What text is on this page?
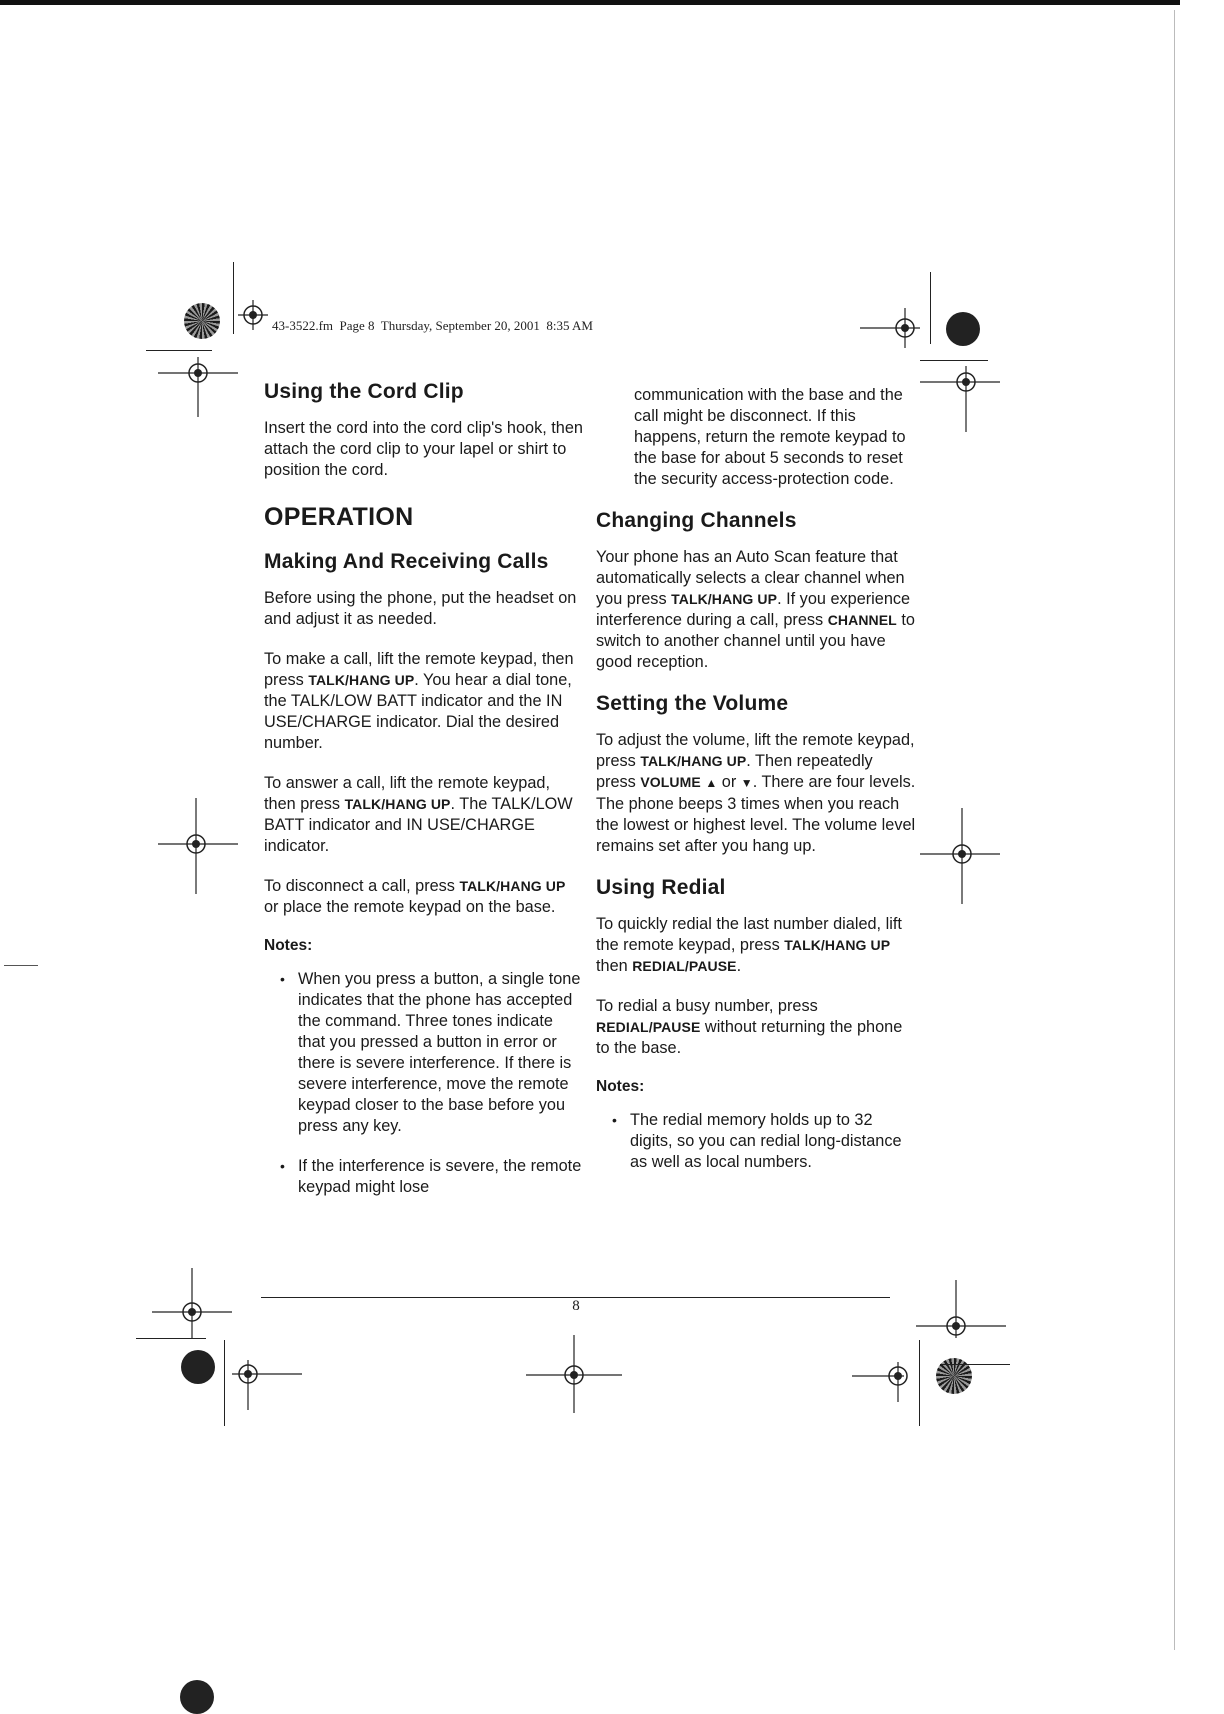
43-3522.fm  Page 8  Thursday, September 20, 2001  8:35 AM
Using the Cord Clip

Insert the cord into the cord clip's hook, then attach the cord clip to your lapel or shirt to position the cord.

OPERATION
Making And Receiving Calls

Before using the phone, put the headset on and adjust it as needed.

To make a call, lift the remote keypad, then press TALK/HANG UP. You hear a dial tone, the TALK/LOW BATT indicator and the IN USE/CHARGE indicator. Dial the desired number.

To answer a call, lift the remote keypad, then press TALK/HANG UP. The TALK/LOW BATT indicator and IN USE/CHARGE indicator.

To disconnect a call, press TALK/HANG UP or place the remote keypad on the base.

Notes:
• When you press a button, a single tone indicates that the phone has accepted the command. Three tones indicate that you pressed a button in error or there is severe interference. If there is severe interference, move the remote keypad closer to the base before you press any key.
• If the interference is severe, the remote keypad might lose

communication with the base and the call might be disconnect. If this happens, return the remote keypad to the base for about 5 seconds to reset the security access-protection code.

Changing Channels

Your phone has an Auto Scan feature that automatically selects a clear channel when you press TALK/HANG UP. If you experience interference during a call, press CHANNEL to switch to another channel until you have good reception.

Setting the Volume

To adjust the volume, lift the remote keypad, press TALK/HANG UP. Then repeatedly press VOLUME ▲ or ▼. There are four levels. The phone beeps 3 times when you reach the lowest or highest level. The volume level remains set after you hang up.

Using Redial

To quickly redial the last number dialed, lift the remote keypad, press TALK/HANG UP then REDIAL/PAUSE.

To redial a busy number, press REDIAL/PAUSE without returning the phone to the base.

Notes:
• The redial memory holds up to 32 digits, so you can redial long-distance as well as local numbers.
8
